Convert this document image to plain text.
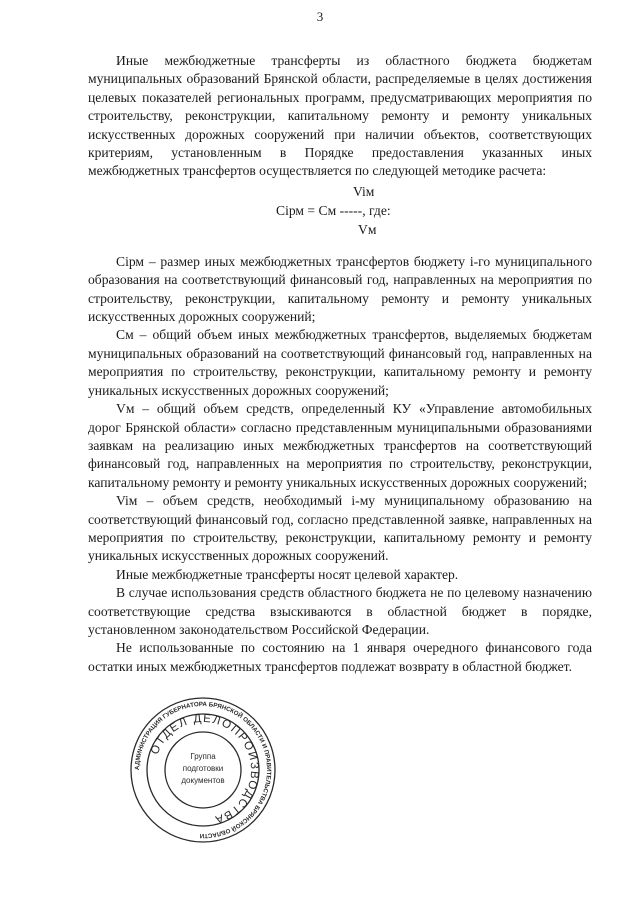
3

Иные межбюджетные трансферты из областного бюджета бюджетам муниципальных образований Брянской области, распределяемые в целях достижения целевых показателей региональных программ, предусматривающих мероприятия по строительству, реконструкции, капитальному ремонту и ремонту уникальных искусственных дорожных сооружений при наличии объектов, соответствующих критериям, установленным в Порядке предоставления указанных иных межбюджетных трансфертов осуществляется по следующей методике расчета:

Viм
Ciрм = См -----, где:
Vм

Ciрм – размер иных межбюджетных трансфертов бюджету i-го муниципального образования на соответствующий финансовый год, направленных на мероприятия по строительству, реконструкции, капитальному ремонту и ремонту уникальных искусственных дорожных сооружений;

См – общий объем иных межбюджетных трансфертов, выделяемых бюджетам муниципальных образований на соответствующий финансовый год, направленных на мероприятия по строительству, реконструкции, капитальному ремонту и ремонту уникальных искусственных дорожных сооружений;

Vм – общий объем средств, определенный КУ «Управление автомобильных дорог Брянской области» согласно представленным муниципальными образованиями заявкам на реализацию иных межбюджетных трансфертов на соответствующий финансовый год, направленных на мероприятия по строительству, реконструкции, капитальному ремонту и ремонту уникальных искусственных дорожных сооружений;

Viм – объем средств, необходимый i-му муниципальному образованию на соответствующий финансовый год, согласно представленной заявке, направленных на мероприятия по строительству, реконструкции, капитальному ремонту и ремонту уникальных искусственных дорожных сооружений.

Иные межбюджетные трансферты носят целевой характер.

В случае использования средств областного бюджета не по целевому назначению соответствующие средства взыскиваются в областной бюджет в порядке, установленном законодательством Российской Федерации.

Не использованные по состоянию на 1 января очередного финансового года остатки иных межбюджетных трансфертов подлежат возврату в областной бюджет.

АДМИНИСТРАЦИЯ ГУБЕРНАТОРА БРЯНСКОЙ ОБЛАСТИ И ПРАВИТЕЛЬСТВА БРЯНСКОЙ ОБЛАСТИ
ОТДЕЛ ДЕЛОПРОИЗВОДСТВА
Группа
подготовки
документов
